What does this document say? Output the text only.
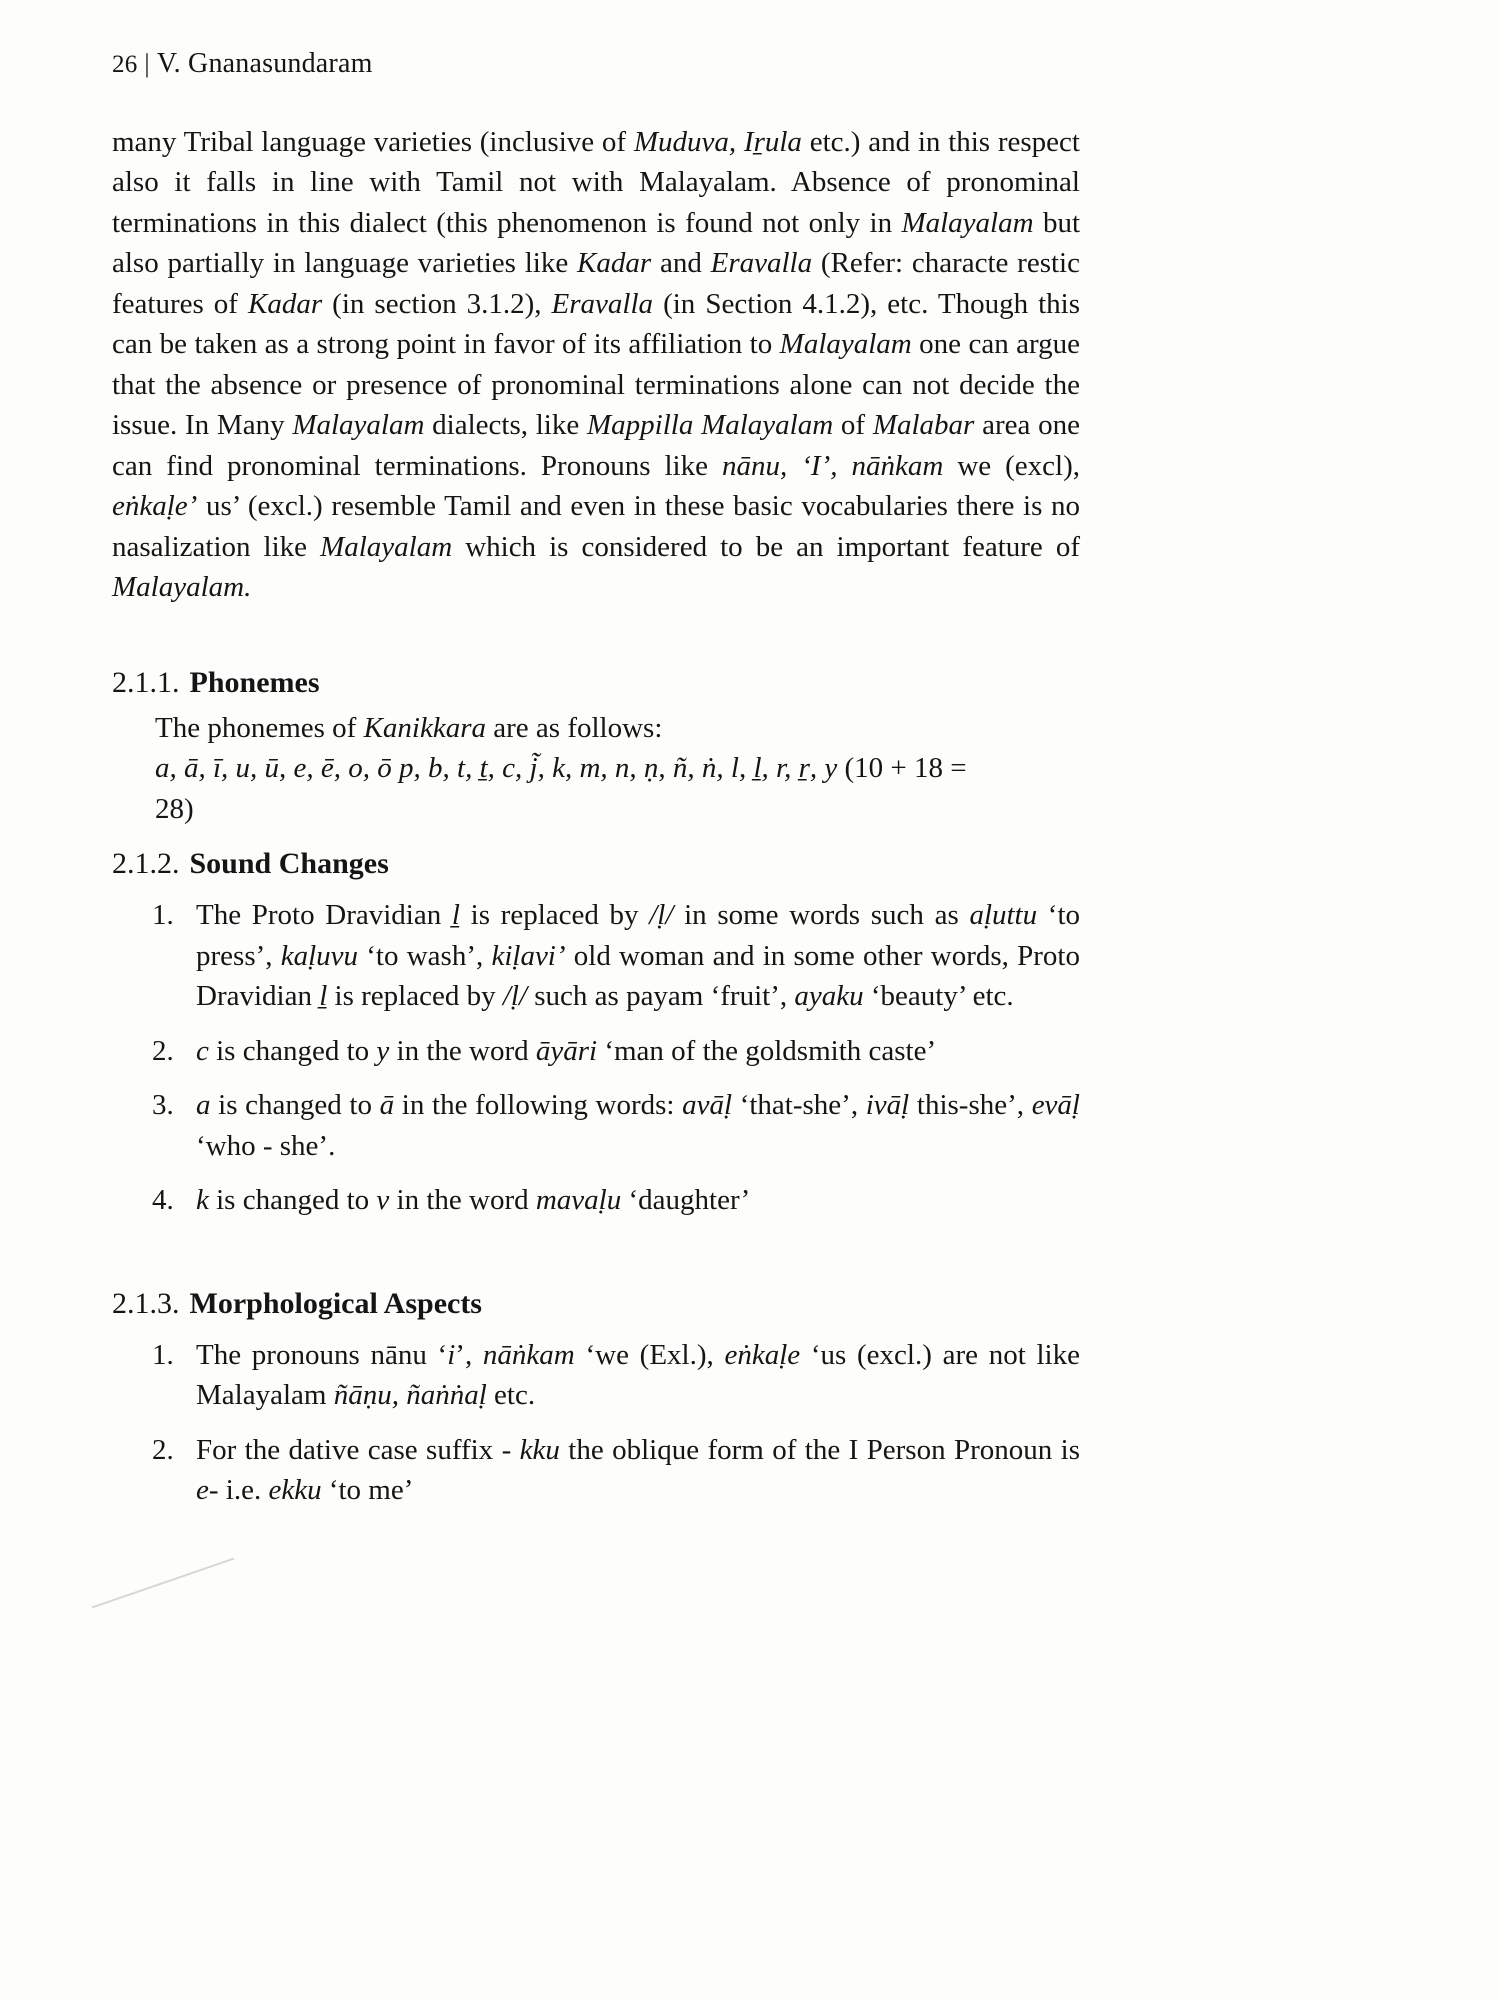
26 | V. Gnanasundaram

many Tribal language varieties (inclusive of Muduva, Iṟula etc.) and in this respect also it falls in line with Tamil not with Malayalam. Absence of pronominal terminations in this dialect (this phenomenon is found not only in Malayalam but also partially in language varieties like Kadar and Eravalla (Refer: characte restic features of Kadar (in section 3.1.2), Eravalla (in Section 4.1.2), etc. Though this can be taken as a strong point in favor of its affiliation to Malayalam one can argue that the absence or presence of pronominal terminations alone can not decide the issue. In Many Malayalam dialects, like Mappilla Malayalam of Malabar area one can find pronominal terminations. Pronouns like nānu, ‘I’, nāṅkam we (excl), eṅkaḷe’ us’ (excl.) resemble Tamil and even in these basic vocabularies there is no nasalization like Malayalam which is considered to be an important feature of Malayalam.

2.1.1. Phonemes

The phonemes of Kanikkara are as follows:

a, ā, ī, u, ū, e, ē, o, ō p, b, t, ṯ, c, j̃, k, m, n, ṇ, ñ, ṅ, l, ḻ, r, ṟ, y (10 + 18 =

28)

2.1.2. Sound Changes
1. The Proto Dravidian ḻ is replaced by /ḷ/ in some words such as aḷuttu ‘to press’, kaḷuvu ‘to wash’, kiḷavi’ old woman and in some other words, Proto Dravidian ḻ is replaced by /ḷ/ such as payam ‘fruit’, ayaku ‘beauty’ etc.
2. c is changed to y in the word āyāri ‘man of the goldsmith caste’
3. a is changed to ā in the following words: avāḷ ‘that-she’, ivāḷ this-she’, evāḷ ‘who - she’.
4. k is changed to v in the word mavaḷu ‘daughter’
2.1.3. Morphological Aspects
1. The pronouns nānu ‘i’, nāṅkam ‘we (Exl.), eṅkaḷe ‘us (excl.) are not like Malayalam ñāṇu, ñaṅṅaḷ etc.
2. For the dative case suffix - kku the oblique form of the I Person Pronoun is e- i.e. ekku ‘to me’
